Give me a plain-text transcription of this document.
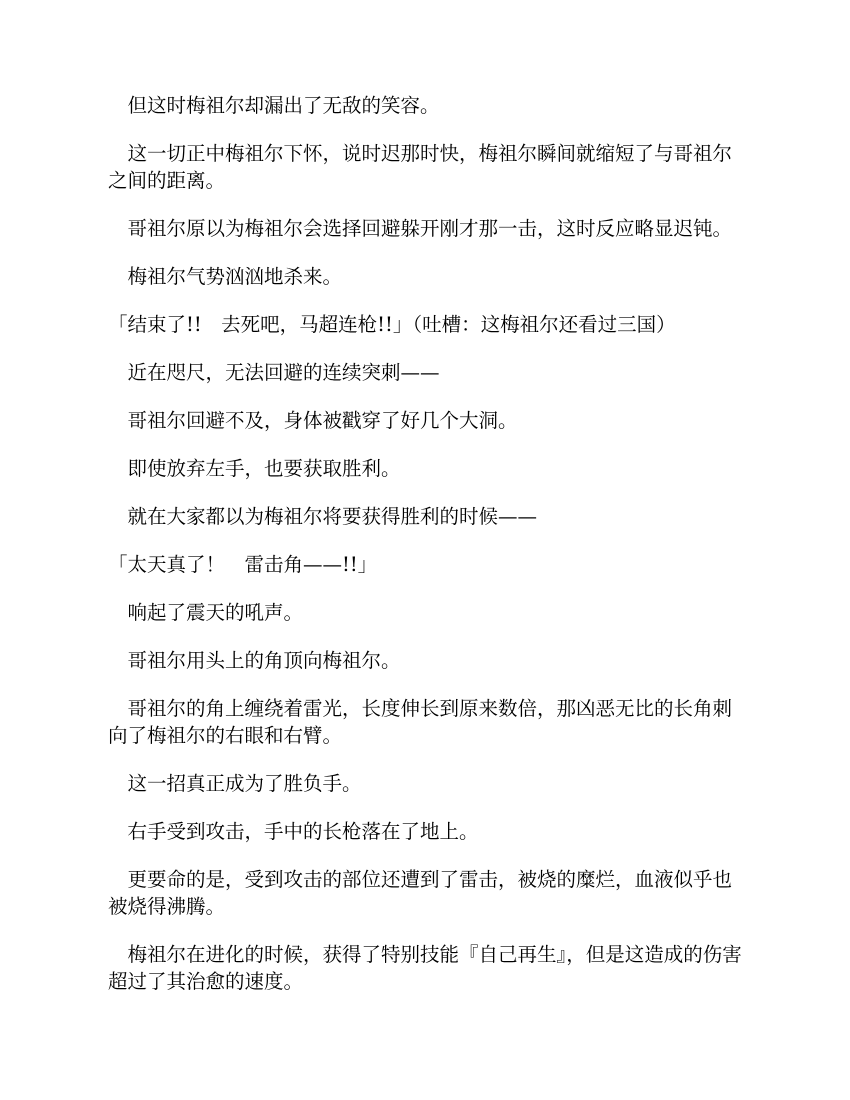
　但这时梅祖尔却漏出了无敌的笑容。

　这一切正中梅祖尔下怀，说时迟那时快，梅祖尔瞬间就缩短了与哥祖尔之间的距离。

　哥祖尔原以为梅祖尔会选择回避躲开刚才那一击，这时反应略显迟钝。

　梅祖尔气势汹汹地杀来。

「结束了!!　去死吧，马超连枪!!」（吐槽：这梅祖尔还看过三国）

　近在咫尺，无法回避的连续突刺——

　哥祖尔回避不及，身体被戳穿了好几个大洞。

　即使放弃左手，也要获取胜利。

　就在大家都以为梅祖尔将要获得胜利的时候——

「太天真了！　雷击角——!!」

　响起了震天的吼声。

　哥祖尔用头上的角顶向梅祖尔。

　哥祖尔的角上缠绕着雷光，长度伸长到原来数倍，那凶恶无比的长角刺向了梅祖尔的右眼和右臂。

　这一招真正成为了胜负手。

　右手受到攻击，手中的长枪落在了地上。

　更要命的是，受到攻击的部位还遭到了雷击，被烧的糜烂，血液似乎也被烧得沸腾。

　梅祖尔在进化的时候，获得了特别技能『自己再生』，但是这造成的伤害超过了其治愈的速度。
